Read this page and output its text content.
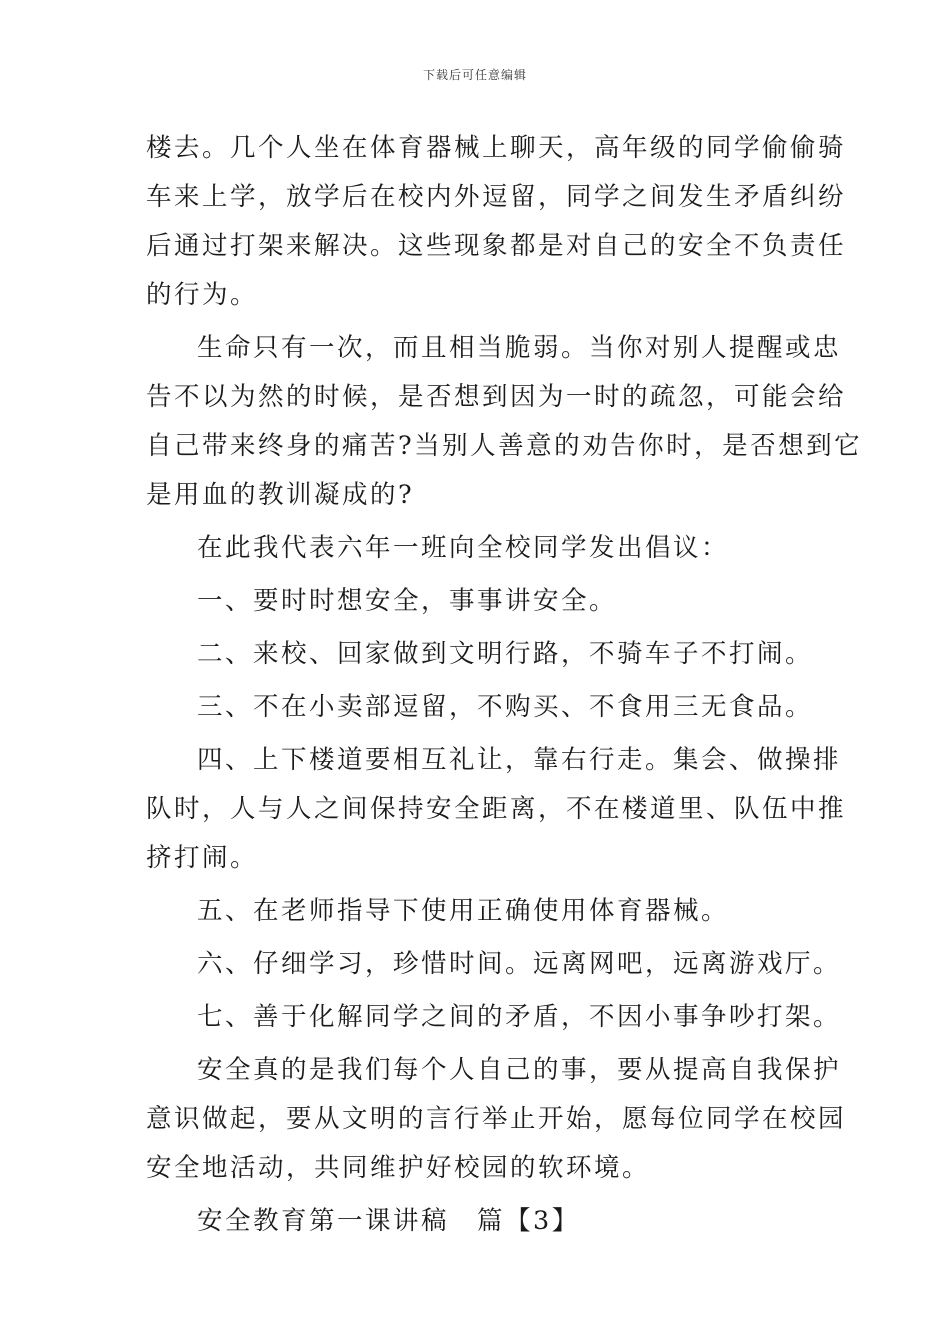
下载后可任意编辑
楼去。几个人坐在体育器械上聊天，高年级的同学偷偷骑
车来上学，放学后在校内外逗留，同学之间发生矛盾纠纷
后通过打架来解决。这些现象都是对自己的安全不负责任
的行为。
生命只有一次，而且相当脆弱。当你对别人提醒或忠
告不以为然的时候，是否想到因为一时的疏忽，可能会给
自己带来终身的痛苦?当别人善意的劝告你时，是否想到它
是用血的教训凝成的?
在此我代表六年一班向全校同学发出倡议：
一、要时时想安全，事事讲安全。
二、来校、回家做到文明行路，不骑车子不打闹。
三、不在小卖部逗留，不购买、不食用三无食品。
四、上下楼道要相互礼让，靠右行走。集会、做操排
队时，人与人之间保持安全距离，不在楼道里、队伍中推
挤打闹。
五、在老师指导下使用正确使用体育器械。
六、仔细学习，珍惜时间。远离网吧，远离游戏厅。
七、善于化解同学之间的矛盾，不因小事争吵打架。
安全真的是我们每个人自己的事，要从提高自我保护
意识做起，要从文明的言行举止开始，愿每位同学在校园
安全地活动，共同维护好校园的软环境。
安全教育第一课讲稿　篇【3】
